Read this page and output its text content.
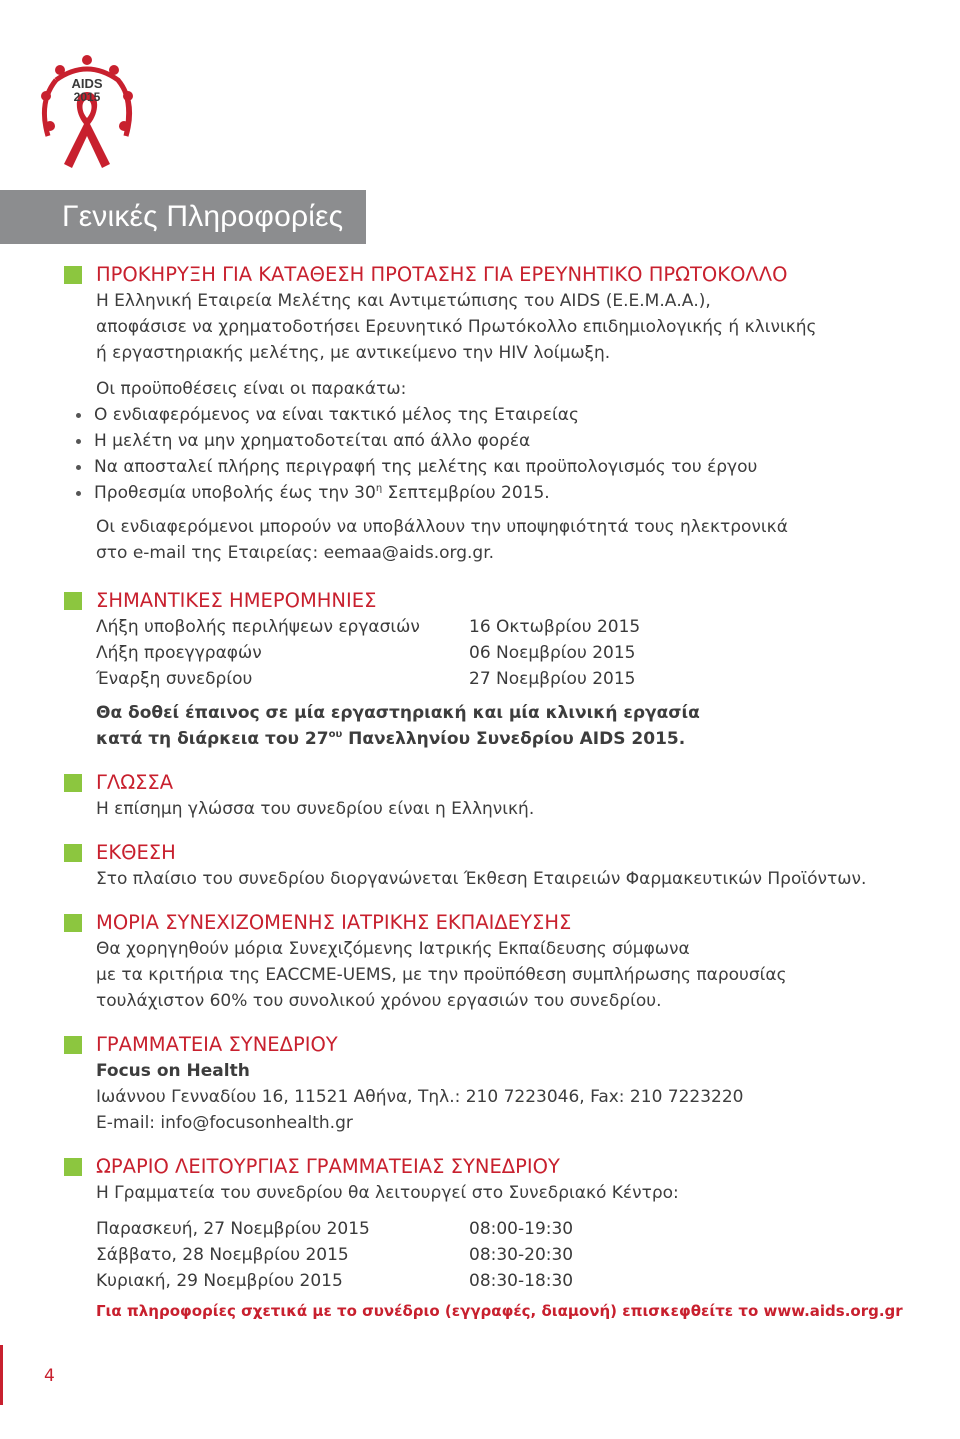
AIDS
2015
Γενικές Πληροφορίες
ΠΡΟΚΗΡΥΞΗ ΓΙΑ ΚΑΤΑΘΕΣΗ ΠΡΟΤΑΣΗΣ ΓΙΑ ΕΡΕΥΝΗΤΙΚΟ ΠΡΩΤΟΚΟΛΛΟ
Η Ελληνική Εταιρεία Μελέτης και Αντιμετώπισης του AIDS (Ε.Ε.Μ.Α.Α.),
αποφάσισε να χρηματοδοτήσει Ερευνητικό Πρωτόκολλο επιδημιολογικής ή κλινικής
ή εργαστηριακής μελέτης, με αντικείμενο την HIV λοίμωξη.
Οι προϋποθέσεις είναι οι παρακάτω:
Ο ενδιαφερόμενος να είναι τακτικό μέλος της Εταιρείας
Η μελέτη να μην χρηματοδοτείται από άλλο φορέα
Να αποσταλεί πλήρης περιγραφή της μελέτης και προϋπολογισμός του έργου
Προθεσμία υποβολής έως την $30^\eta$ Σεπτεμβρίου 2015.
Οι ενδιαφερόμενοι μπορούν να υποβάλλουν την υποψηφιότητά τους ηλεκτρονικά
στο e-mail της Εταιρείας: eemaa@aids.org.gr.
ΣΗΜΑΝΤΙΚΕΣ ΗΜΕΡΟΜΗΝΙΕΣ
Λήξη υποβολής περιλήψεων εργασιών	16 Οκτωβρίου 2015
Λήξη προεγγραφών	06 Νοεμβρίου 2015
Έναρξη συνεδρίου	27 Νοεμβρίου 2015
Θα δοθεί έπαινος σε μία εργαστηριακή και μία κλινική εργασία
κατά τη διάρκεια του $27^{o\upsilon}$ Πανελληνίου Συνεδρίου AIDS 2015.
ΓΛΩΣΣΑ
Η επίσημη γλώσσα του συνεδρίου είναι η Ελληνική.
ΕΚΘΕΣΗ
Στο πλαίσιο του συνεδρίου διοργανώνεται Έκθεση Εταιρειών Φαρμακευτικών Προϊόντων.
ΜΟΡΙΑ ΣΥΝΕΧΙΖΟΜΕΝΗΣ ΙΑΤΡΙΚΗΣ ΕΚΠΑΙΔΕΥΣΗΣ
Θα χορηγηθούν μόρια Συνεχιζόμενης Ιατρικής Εκπαίδευσης σύμφωνα
με τα κριτήρια της EACCME-UEMS, με την προϋπόθεση συμπλήρωσης παρουσίας
τουλάχιστον 60% του συνολικού χρόνου εργασιών του συνεδρίου.
ΓΡΑΜΜΑΤΕΙΑ ΣΥΝΕΔΡΙΟΥ
Focus on Health
Ιωάννου Γενναδίου 16, 11521 Αθήνα, Τηλ.: 210 7223046, Fax: 210 7223220
E-mail: info@focusonhealth.gr
ΩΡΑΡΙΟ ΛΕΙΤΟΥΡΓΙΑΣ ΓΡΑΜΜΑΤΕΙΑΣ ΣΥΝΕΔΡΙΟΥ
Η Γραμματεία του συνεδρίου θα λειτουργεί στο Συνεδριακό Κέντρο:
Παρασκευή, 27 Νοεμβρίου 2015	08:00-19:30
Σάββατο, 28 Νοεμβρίου 2015	08:30-20:30
Κυριακή, 29 Νοεμβρίου 2015	08:30-18:30
Για πληροφορίες σχετικά με το συνέδριο (εγγραφές, διαμονή) επισκεφθείτε το www.aids.org.gr
4
